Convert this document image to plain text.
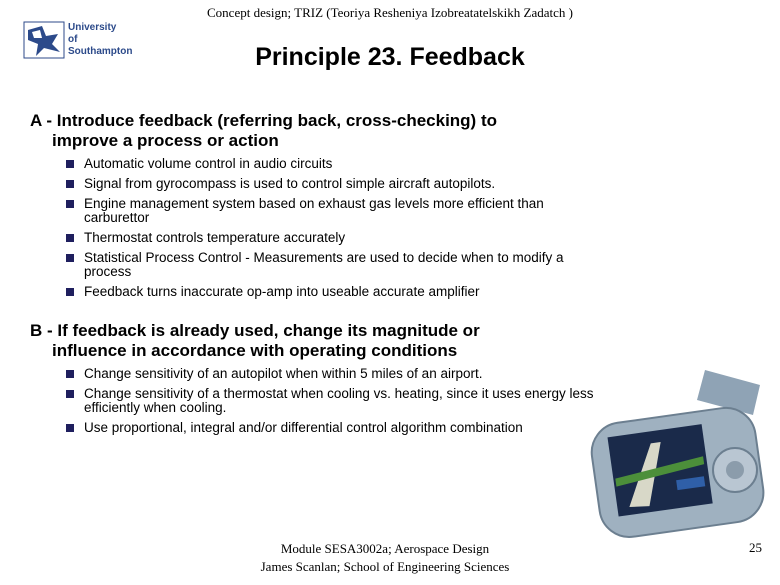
Concept design; TRIZ (Teoriya Resheniya Izobreatatelskikh Zadatch )
University
of Southampton	Principle 23. Feedback
A - Introduce feedback (referring back, cross-checking) to
improve a process or action
Automatic volume control in audio circuits
Signal from gyrocompass is used to control simple aircraft autopilots.
Engine management system based on exhaust gas levels more efficient than carburettor
Thermostat controls temperature accurately
Statistical Process Control - Measurements are used to decide when to modify a process
Feedback turns inaccurate op-amp into useable accurate amplifier
B - If feedback is already used, change its magnitude or
influence in accordance with operating conditions
Change sensitivity of an autopilot when within 5 miles of an airport.
Change sensitivity of a thermostat when cooling vs. heating, since it uses energy less efficiently when cooling.
Use proportional, integral and/or differential control algorithm combination
Module SESA3002a; Aerospace Design
James Scanlan; School of Engineering Sciences
25
